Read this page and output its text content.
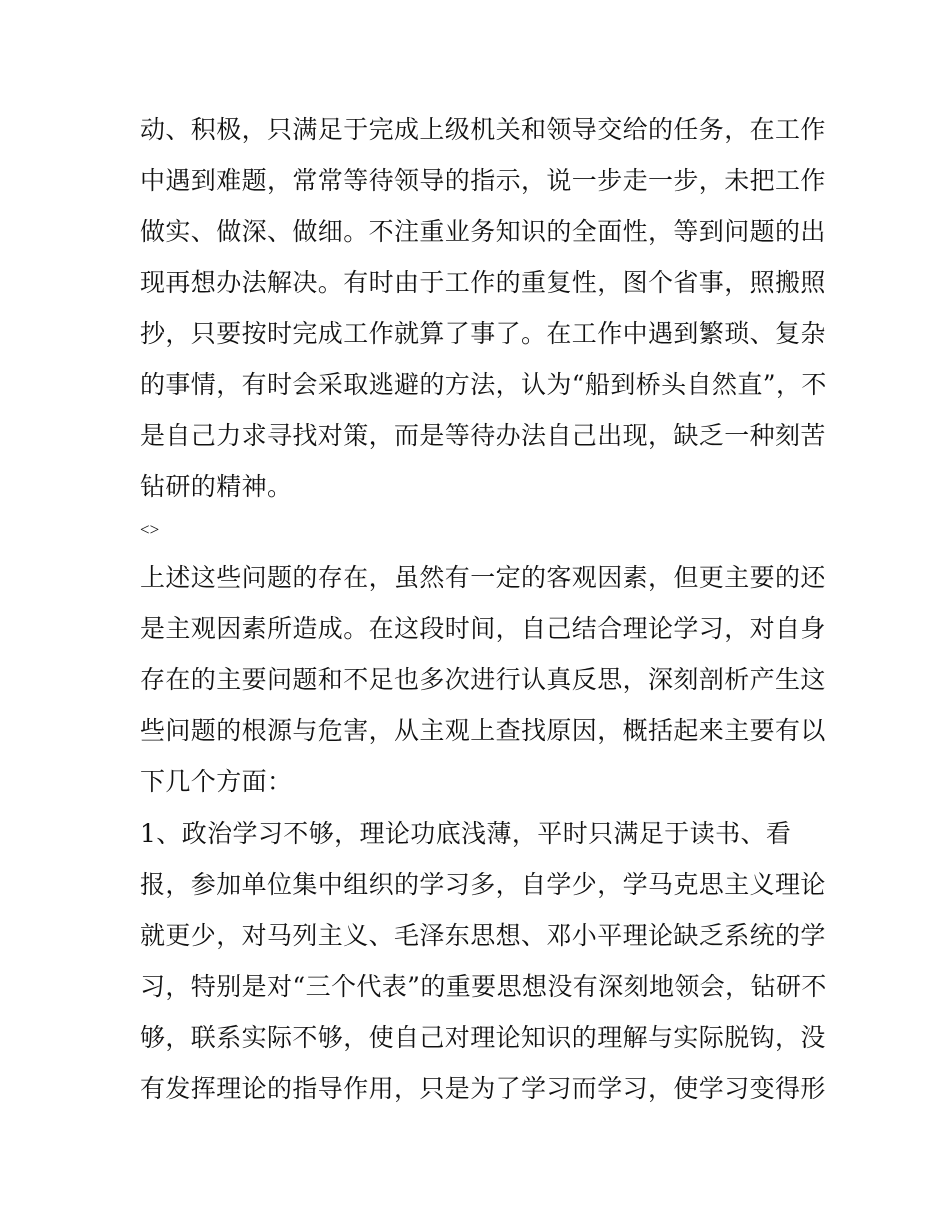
动、积极，只满足于完成上级机关和领导交给的任务，在工作
中遇到难题，常常等待领导的指示，说一步走一步，未把工作
做实、做深、做细。不注重业务知识的全面性，等到问题的出
现再想办法解决。有时由于工作的重复性，图个省事，照搬照
抄，只要按时完成工作就算了事了。在工作中遇到繁琐、复杂
的事情，有时会采取逃避的方法，认为“船到桥头自然直”，不
是自己力求寻找对策，而是等待办法自己出现，缺乏一种刻苦
钻研的精神。
<>
上述这些问题的存在，虽然有一定的客观因素，但更主要的还
是主观因素所造成。在这段时间，自己结合理论学习，对自身
存在的主要问题和不足也多次进行认真反思，深刻剖析产生这
些问题的根源与危害，从主观上查找原因，概括起来主要有以
下几个方面：
1、政治学习不够，理论功底浅薄，平时只满足于读书、看
报，参加单位集中组织的学习多，自学少，学马克思主义理论
就更少，对马列主义、毛泽东思想、邓小平理论缺乏系统的学
习，特别是对“三个代表”的重要思想没有深刻地领会，钻研不
够，联系实际不够，使自己对理论知识的理解与实际脱钩，没
有发挥理论的指导作用，只是为了学习而学习，使学习变得形
